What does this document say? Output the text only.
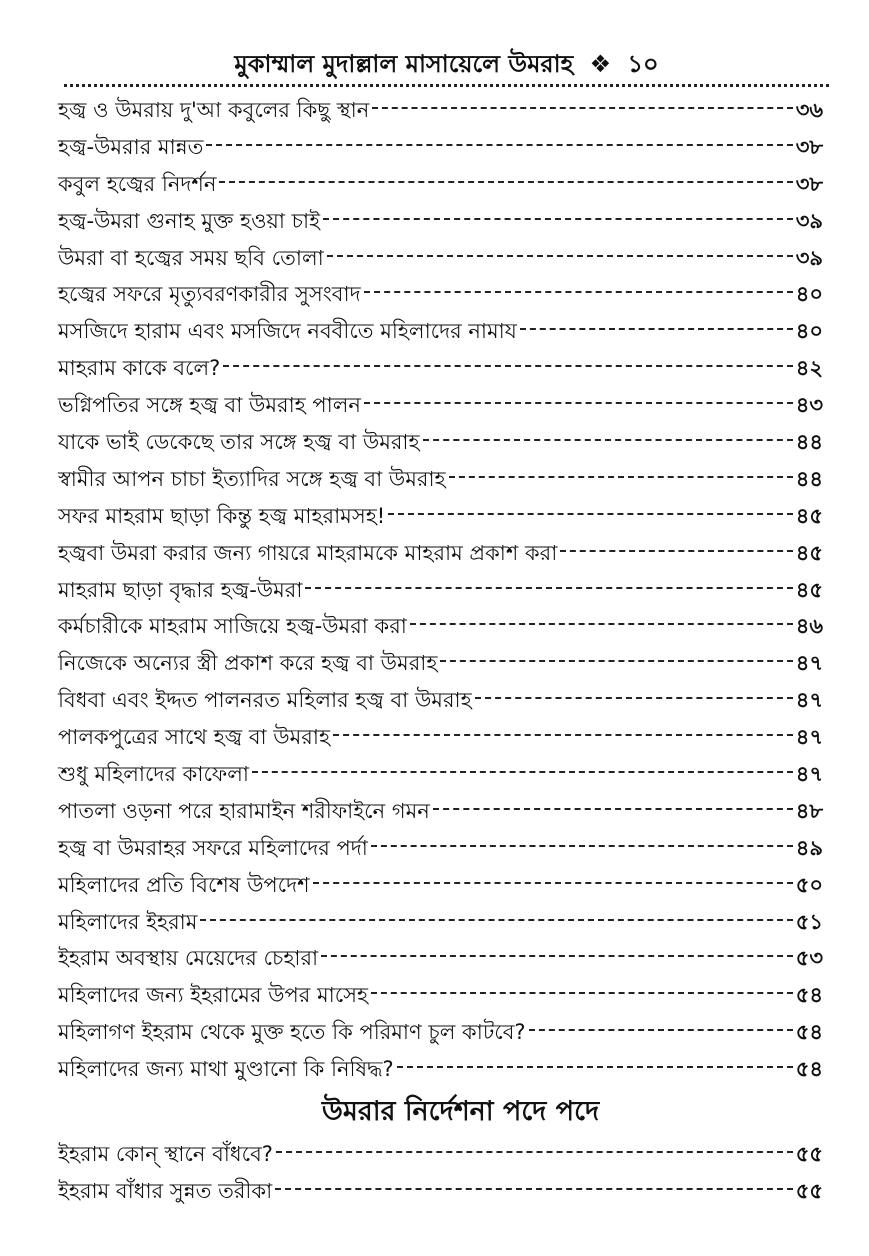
মুকাম্মাল মুদাল্লাল মাসায়েলে উমরাহ ❖ ১০
হজ্ব ও উমরায় দু'আ কবুলের কিছু স্থান	৩৬
হজ্ব-উমরার মান্নত	৩৮
কবুল হজ্বের নিদর্শন	৩৮
হজ্ব-উমরা গুনাহ মুক্ত হওয়া চাই	৩৯
উমরা বা হজ্বের সময় ছবি তোলা	৩৯
হজ্বের সফরে মৃত্যুবরণকারীর সুসংবাদ	৪০
মসজিদে হারাম এবং মসজিদে নববীতে মহিলাদের নামায	৪০
মাহরাম কাকে বলে?	৪২
ভগ্নিপতির সঙ্গে হজ্ব বা উমরাহ পালন	৪৩
যাকে ভাই ডেকেছে তার সঙ্গে হজ্ব বা উমরাহ	৪৪
স্বামীর আপন চাচা ইত্যাদির সঙ্গে হজ্ব বা উমরাহ	৪৪
সফর মাহরাম ছাড়া কিন্তু হজ্ব মাহরামসহ!	৪৫
হজ্ববা উমরা করার জন্য গায়রে মাহরামকে মাহরাম প্রকাশ করা	৪৫
মাহরাম ছাড়া বৃদ্ধার হজ্ব-উমরা	৪৫
কর্মচারীকে মাহরাম সাজিয়ে হজ্ব-উমরা করা	৪৬
নিজেকে অন্যের স্ত্রী প্রকাশ করে হজ্ব বা উমরাহ	৪৭
বিধবা এবং ইদ্দত পালনরত মহিলার হজ্ব বা উমরাহ	৪৭
পালকপুত্রের সাথে হজ্ব বা উমরাহ	৪৭
শুধু মহিলাদের কাফেলা	৪৭
পাতলা ওড়না পরে হারামাইন শরীফাইনে গমন	৪৮
হজ্ব বা উমরাহর সফরে মহিলাদের পর্দা	৪৯
মহিলাদের প্রতি বিশেষ উপদেশ	৫০
মহিলাদের ইহরাম	৫১
ইহরাম অবস্থায় মেয়েদের চেহারা	৫৩
মহিলাদের জন্য ইহরামের উপর মাসেহ	৫৪
মহিলাগণ ইহরাম থেকে মুক্ত হতে কি পরিমাণ চুল কাটবে?	৫৪
মহিলাদের জন্য মাথা মুণ্ডানো কি নিষিদ্ধ?	৫৪
উমরার নির্দেশনা পদে পদে
ইহরাম কোন্ স্থানে বাঁধবে?	৫৫
ইহরাম বাঁধার সুন্নত তরীকা	৫৫
